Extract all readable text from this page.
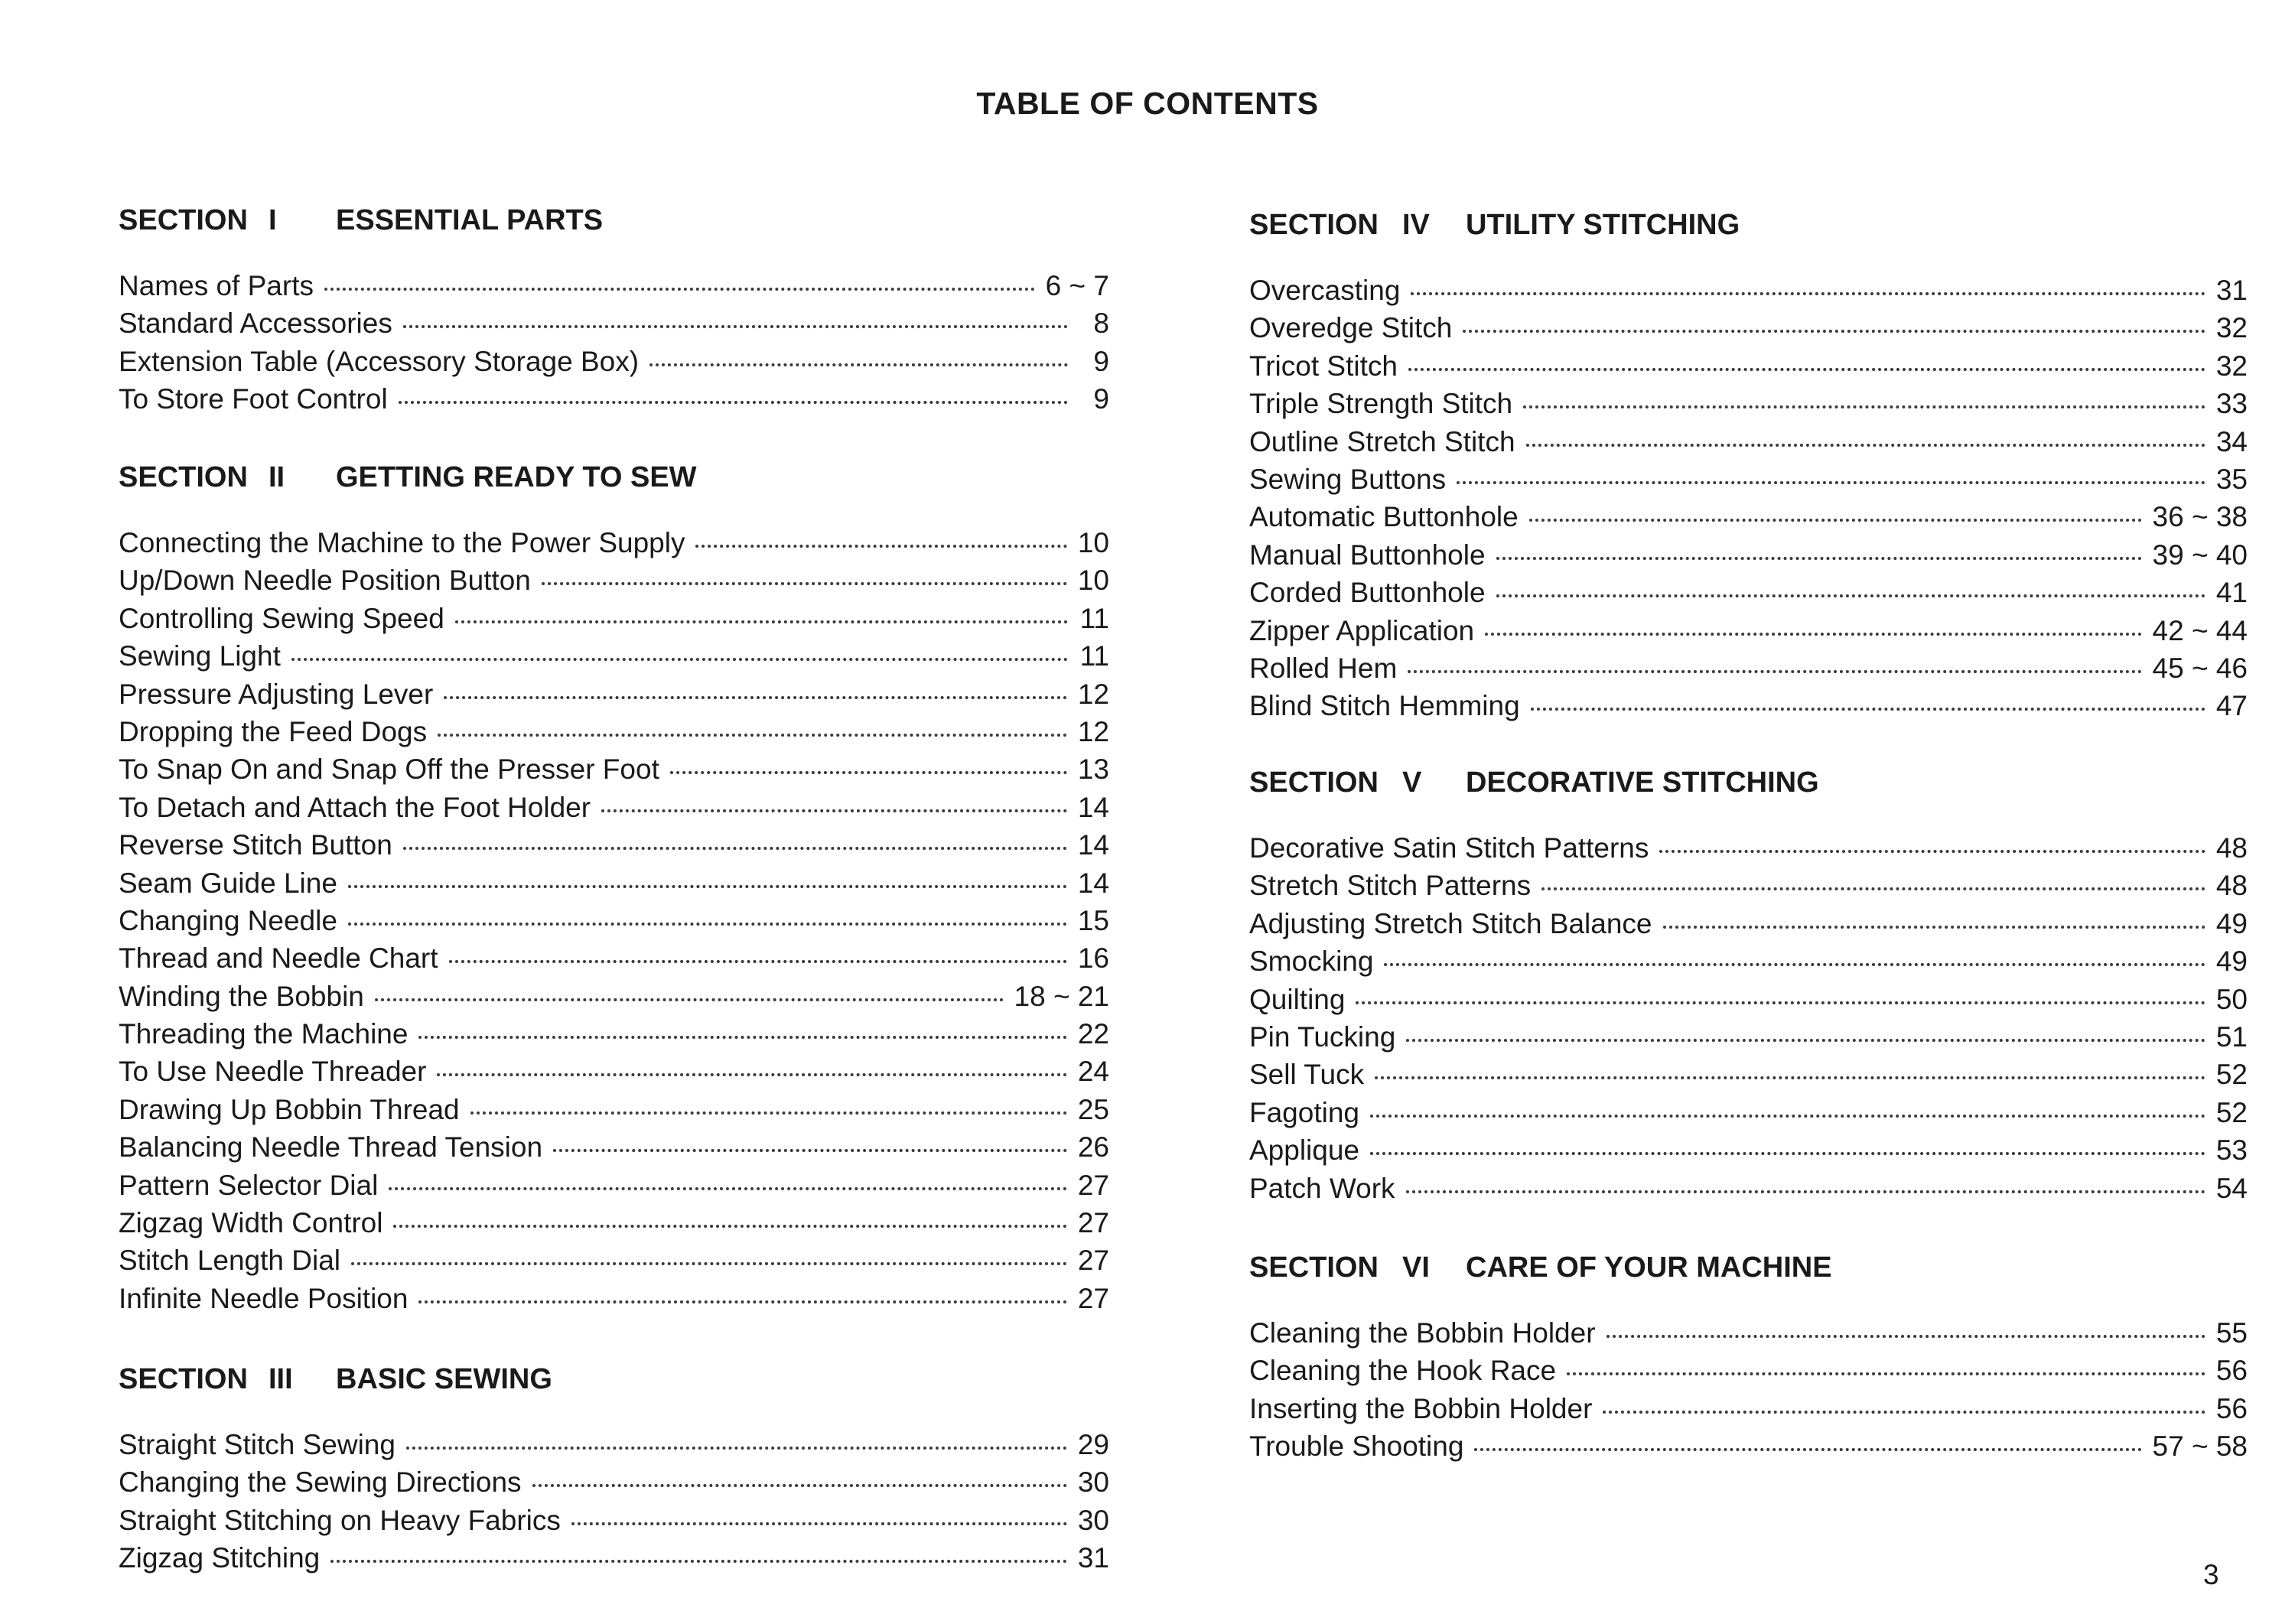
TABLE OF CONTENTS
SECTION I	ESSENTIAL PARTS
Names of Parts	6 ~ 7
Standard Accessories	8
Extension Table (Accessory Storage Box)	9
To Store Foot Control	9
SECTION II	GETTING READY TO SEW
Connecting the Machine to the Power Supply	10
Up/Down Needle Position Button	10
Controlling Sewing Speed	11
Sewing Light	11
Pressure Adjusting Lever	12
Dropping the Feed Dogs	12
To Snap On and Snap Off the Presser Foot	13
To Detach and Attach the Foot Holder	14
Reverse Stitch Button	14
Seam Guide Line	14
Changing Needle	15
Thread and Needle Chart	16
Winding the Bobbin	18 ~ 21
Threading the Machine	22
To Use Needle Threader	24
Drawing Up Bobbin Thread	25
Balancing Needle Thread Tension	26
Pattern Selector Dial	27
Zigzag Width Control	27
Stitch Length Dial	27
Infinite Needle Position	27
SECTION III	BASIC SEWING
Straight Stitch Sewing	29
Changing the Sewing Directions	30
Straight Stitching on Heavy Fabrics	30
Zigzag Stitching	31
SECTION IV	UTILITY STITCHING
Overcasting	31
Overedge Stitch	32
Tricot Stitch	32
Triple Strength Stitch	33
Outline Stretch Stitch	34
Sewing Buttons	35
Automatic Buttonhole	36 ~ 38
Manual Buttonhole	39 ~ 40
Corded Buttonhole	41
Zipper Application	42 ~ 44
Rolled Hem	45 ~ 46
Blind Stitch Hemming	47
SECTION V	DECORATIVE STITCHING
Decorative Satin Stitch Patterns	48
Stretch Stitch Patterns	48
Adjusting Stretch Stitch Balance	49
Smocking	49
Quilting	50
Pin Tucking	51
Sell Tuck	52
Fagoting	52
Applique	53
Patch Work	54
SECTION VI	CARE OF YOUR MACHINE
Cleaning the Bobbin Holder	55
Cleaning the Hook Race	56
Inserting the Bobbin Holder	56
Trouble Shooting	57 ~ 58
3
